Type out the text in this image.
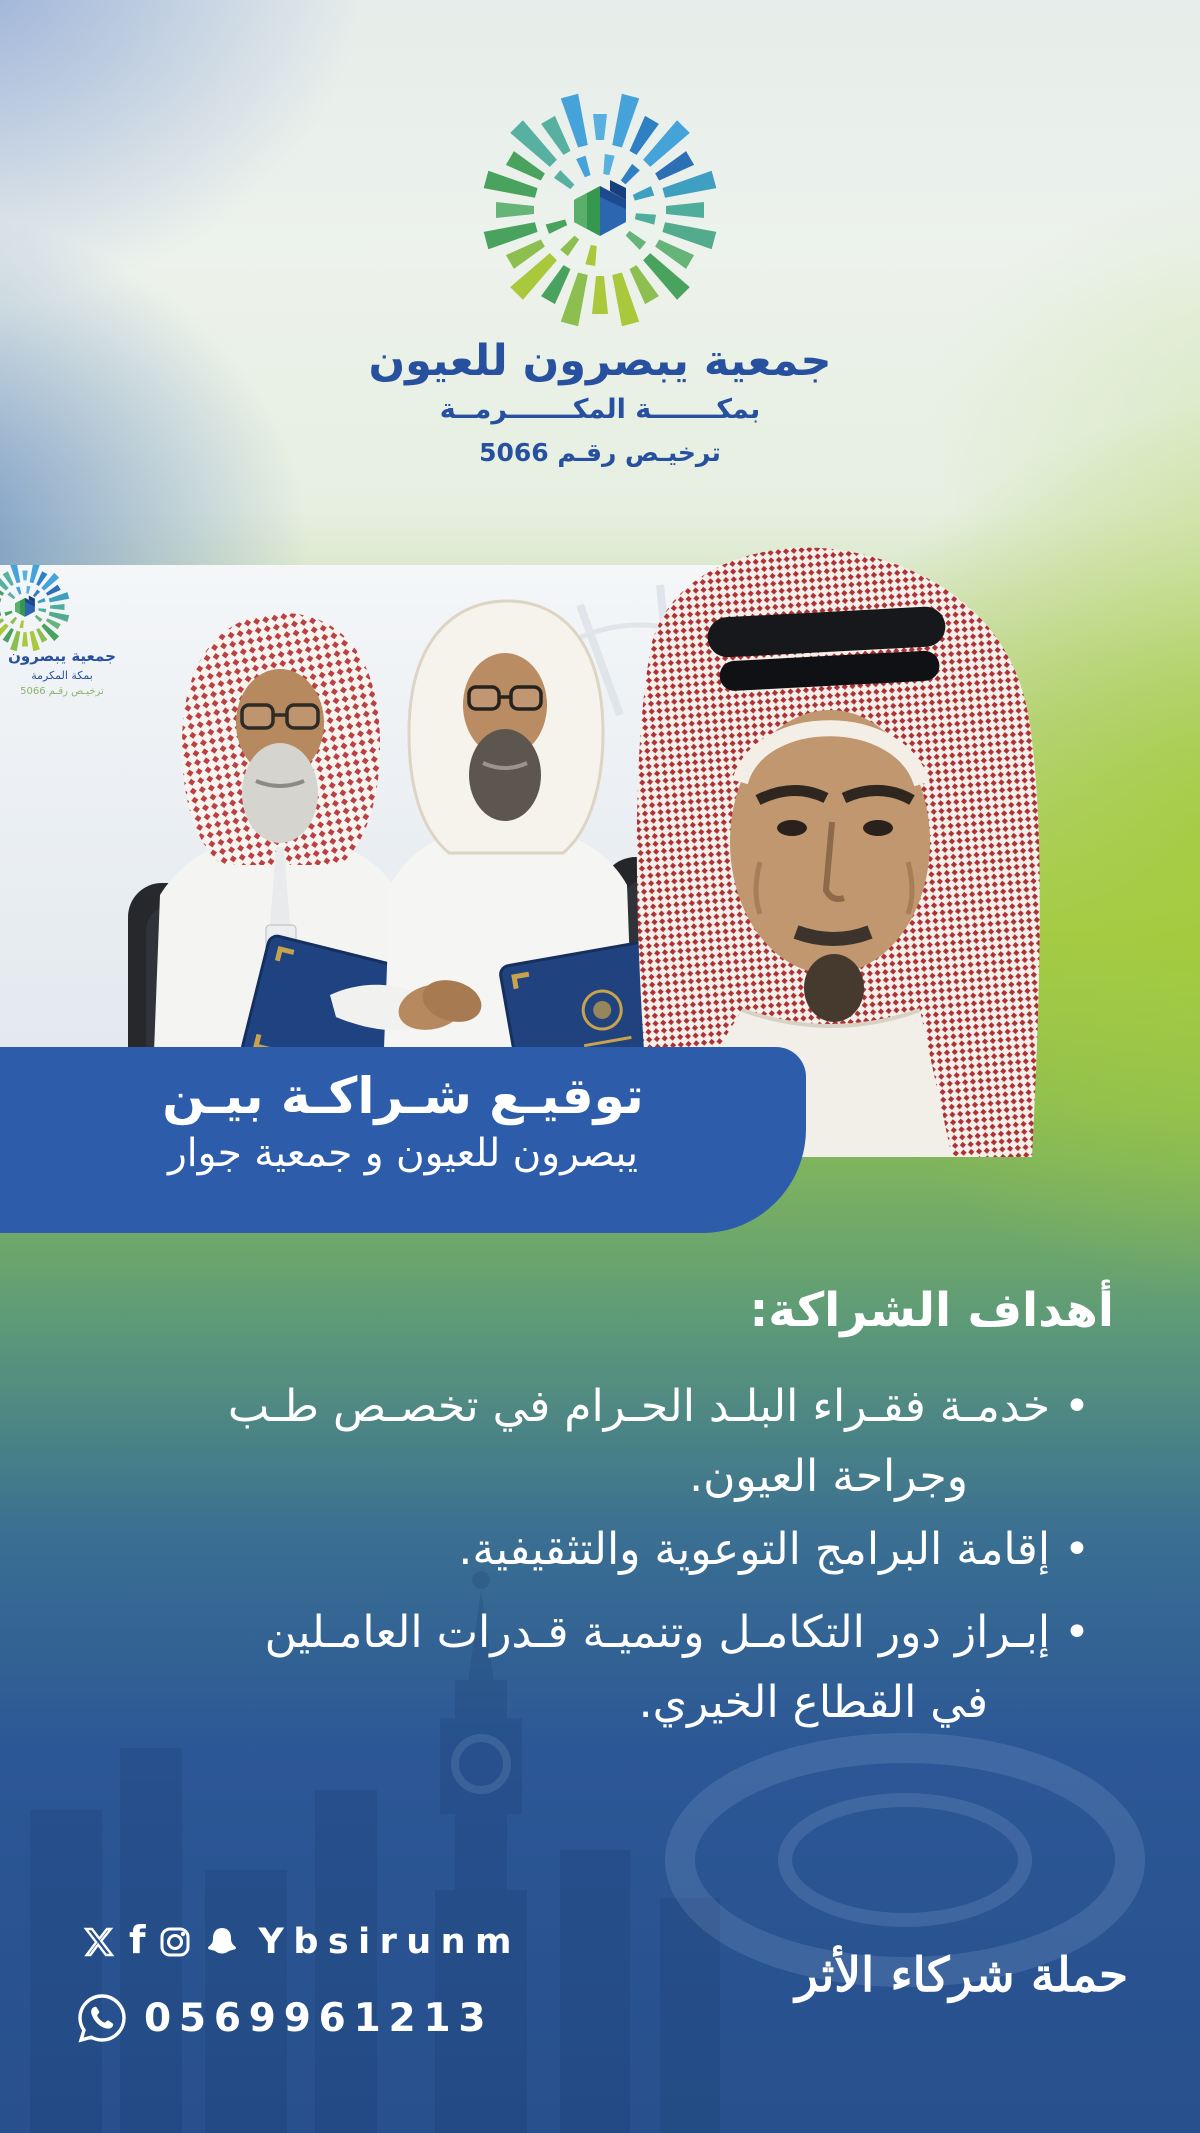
جمعية يبصرون للعيون
بمكـــــــة المكـــــــرمــة
ترخيـص رقـم 5066
جمعية يبصرون
بمكة المكرمة
ترخيـص رقـم 5066
توقيـع شـراكـة بيـن
يبصرون للعيون و جمعية جوار
أهداف الشراكة:
• خدمـة فقـراء البلـد الحـرام في تخصـص طـب
وجراحة العيون.
• إقامة البرامج التوعوية والتثقيفية.
• إبـراز دور التكامـل وتنميـة قـدرات العامـلين
في القطاع الخيري.
f	Ybsirunm
0569961213
حملة شركاء الأثر
